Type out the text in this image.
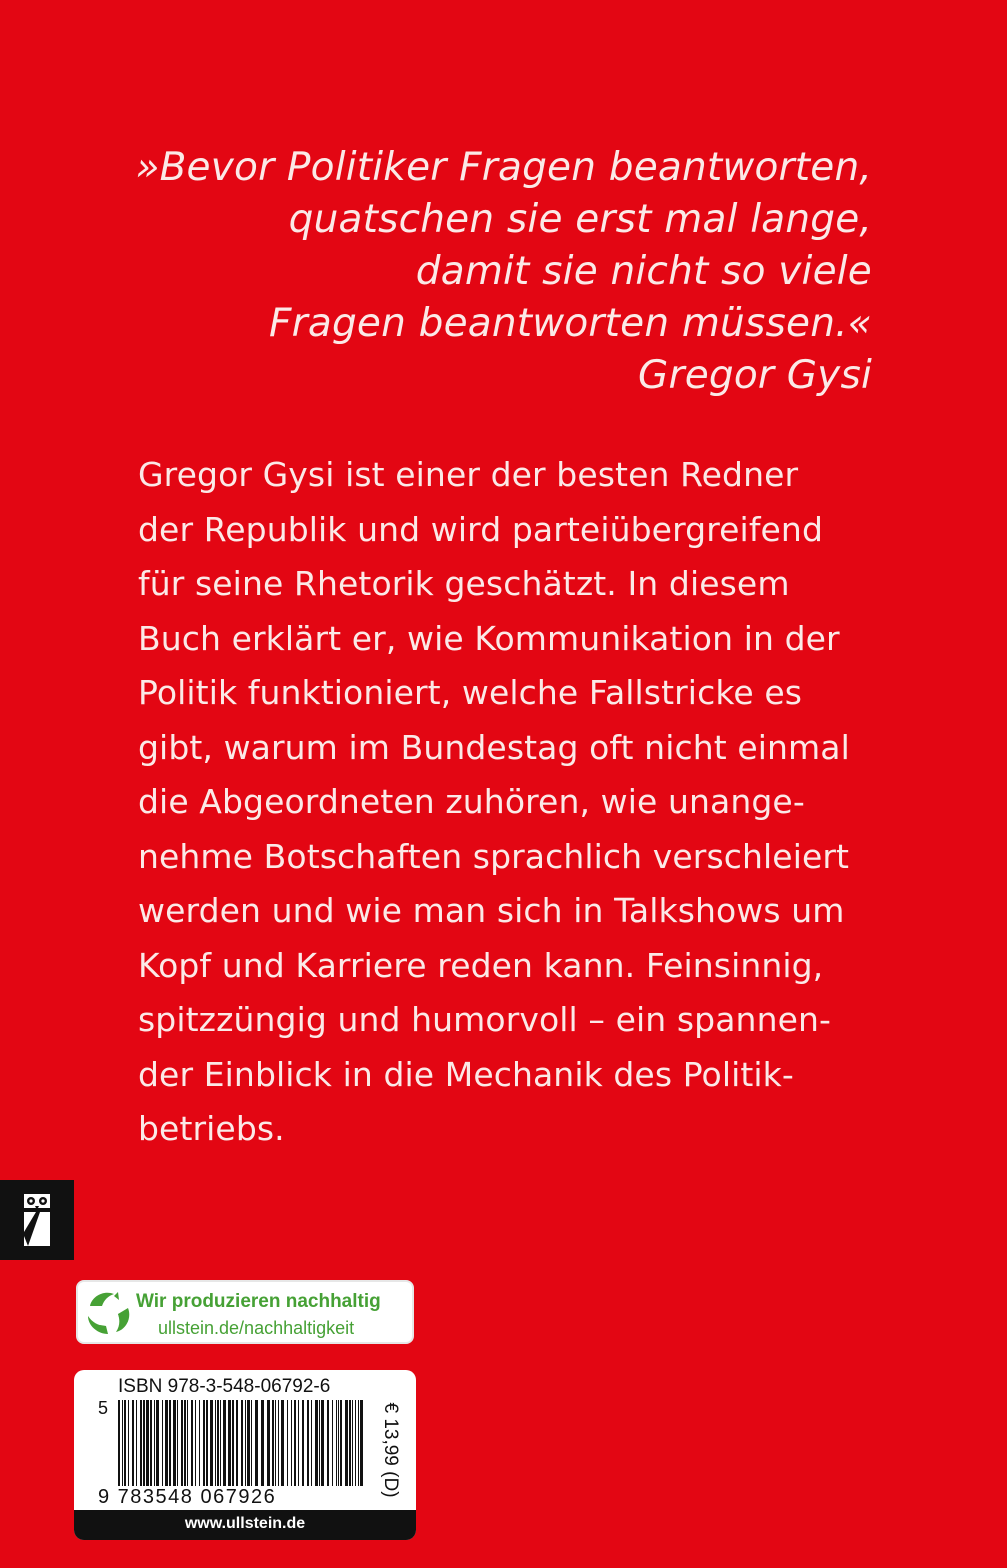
»Bevor Politiker Fragen beantworten,
quatschen sie erst mal lange,
damit sie nicht so viele
Fragen beantworten müssen.«
Gregor Gysi
Gregor Gysi ist einer der besten Redner
der Republik und wird parteiübergreifend
für seine Rhetorik geschätzt. In diesem
Buch erklärt er, wie Kommunikation in der
Politik funktioniert, welche Fallstricke es
gibt, warum im Bundestag oft nicht einmal
die Abgeordneten zuhören, wie unange-
nehme Botschaften sprachlich verschleiert
werden und wie man sich in Talkshows um
Kopf und Karriere reden kann. Feinsinnig,
spitzzüngig und humorvoll – ein spannen-
der Einblick in die Mechanik des Politik-
betriebs.
Wir produzieren nachhaltig
ullstein.de/nachhaltigkeit
ISBN 978-3-548-06792-6
5
9 783548 067926	€ 13,99 (D)
www.ullstein.de
